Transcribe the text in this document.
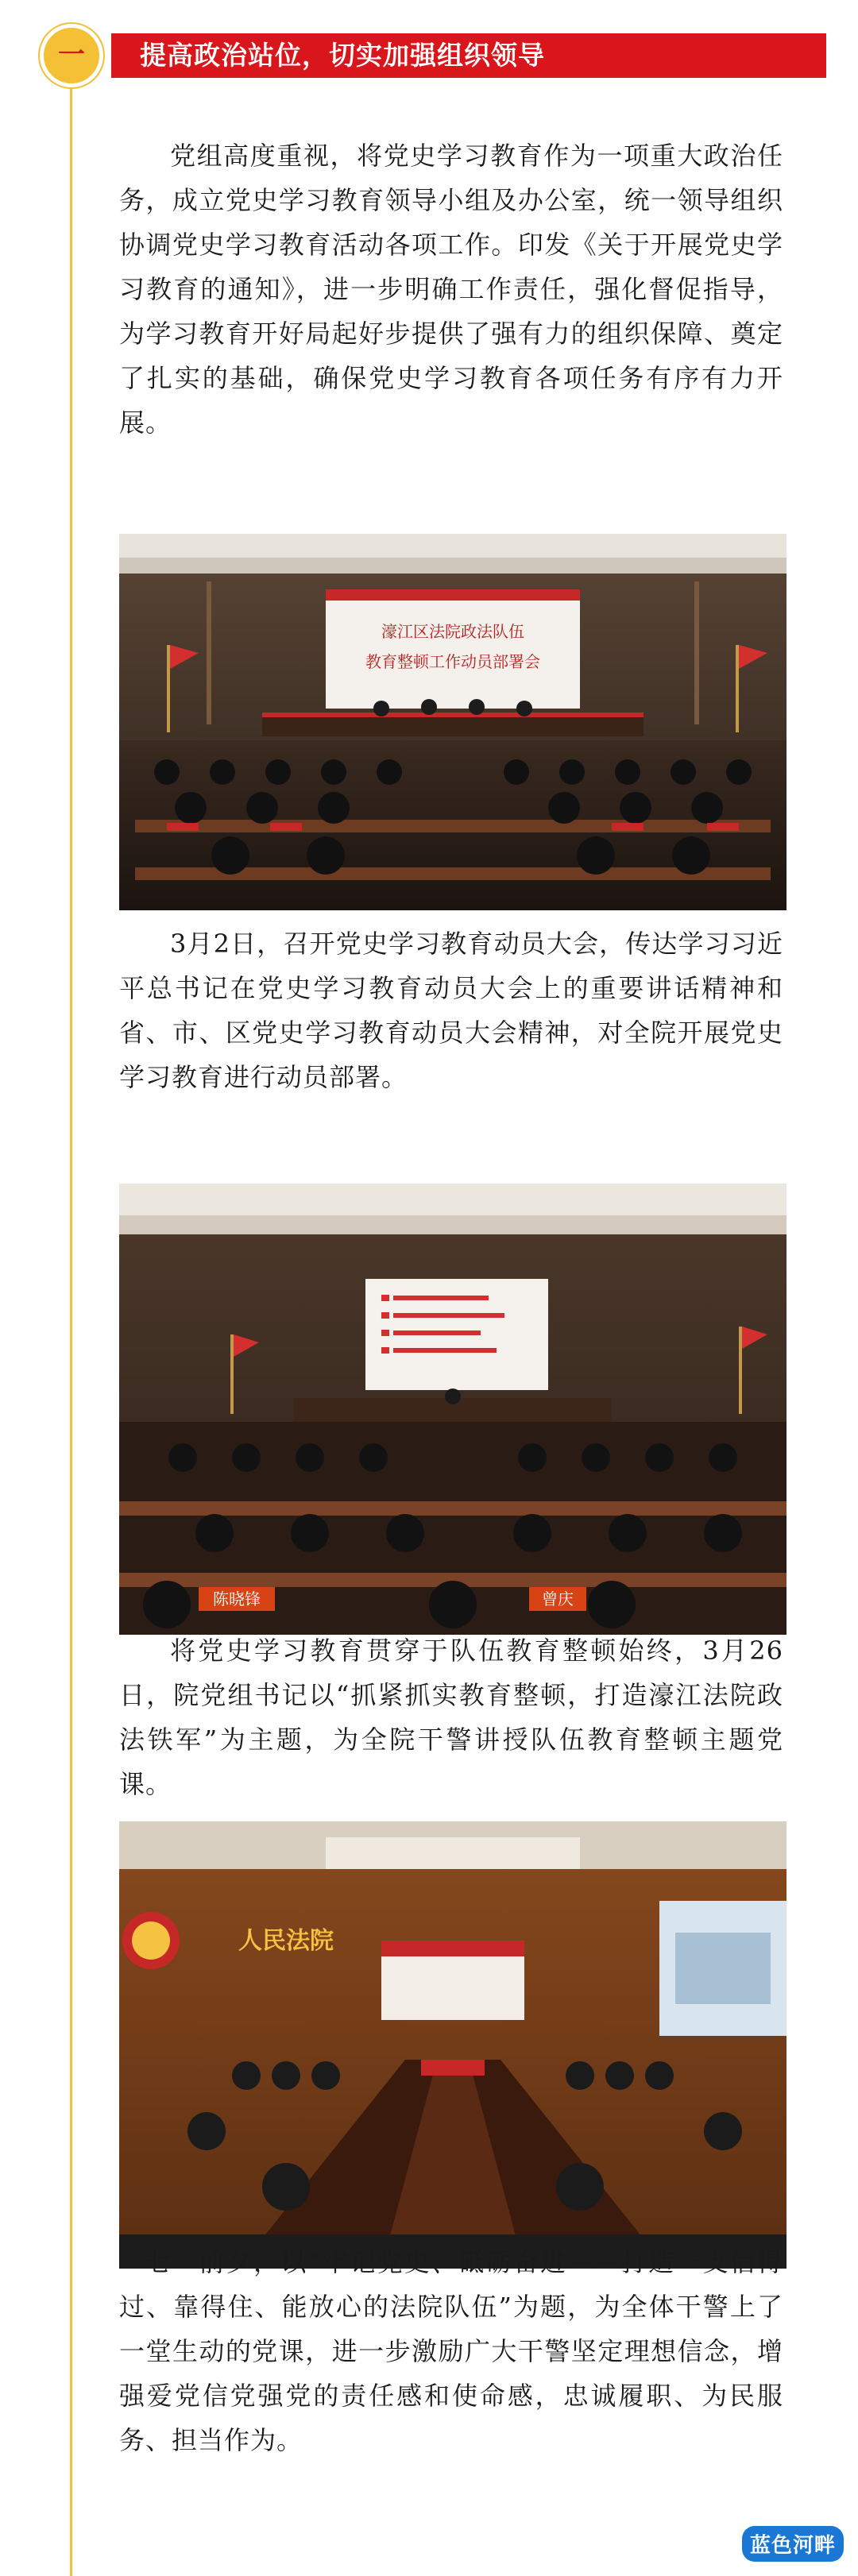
提高政治站位，切实加强组织领导
一

党组高度重视，将党史学习教育作为一项重大政治任务，成立党史学习教育领导小组及办公室，统一领导组织协调党史学习教育活动各项工作。印发《关于开展党史学习教育的通知》，进一步明确工作责任，强化督促指导，为学习教育开好局起好步提供了强有力的组织保障、奠定了扎实的基础，确保党史学习教育各项任务有序有力开展。

濠江区法院政法队伍
教育整顿工作动员部署会

3月2日，召开党史学习教育动员大会，传达学习习近平总书记在党史学习教育动员大会上的重要讲话精神和省、市、区党史学习教育动员大会精神，对全院开展党史学习教育进行动员部署。

陈晓锋	曾庆

将党史学习教育贯穿于队伍教育整顿始终，3月26日，院党组书记以“抓紧抓实教育整顿，打造濠江法院政法铁军”为主题，为全院干警讲授队伍教育整顿主题党课。

人民法院

七一前夕，以“牢记党史、砥砺奋进——打造一支信得过、靠得住、能放心的法院队伍”为题，为全体干警上了一堂生动的党课，进一步激励广大干警坚定理想信念，增强爱党信党强党的责任感和使命感，忠诚履职、为民服务、担当作为。

蓝色河畔
